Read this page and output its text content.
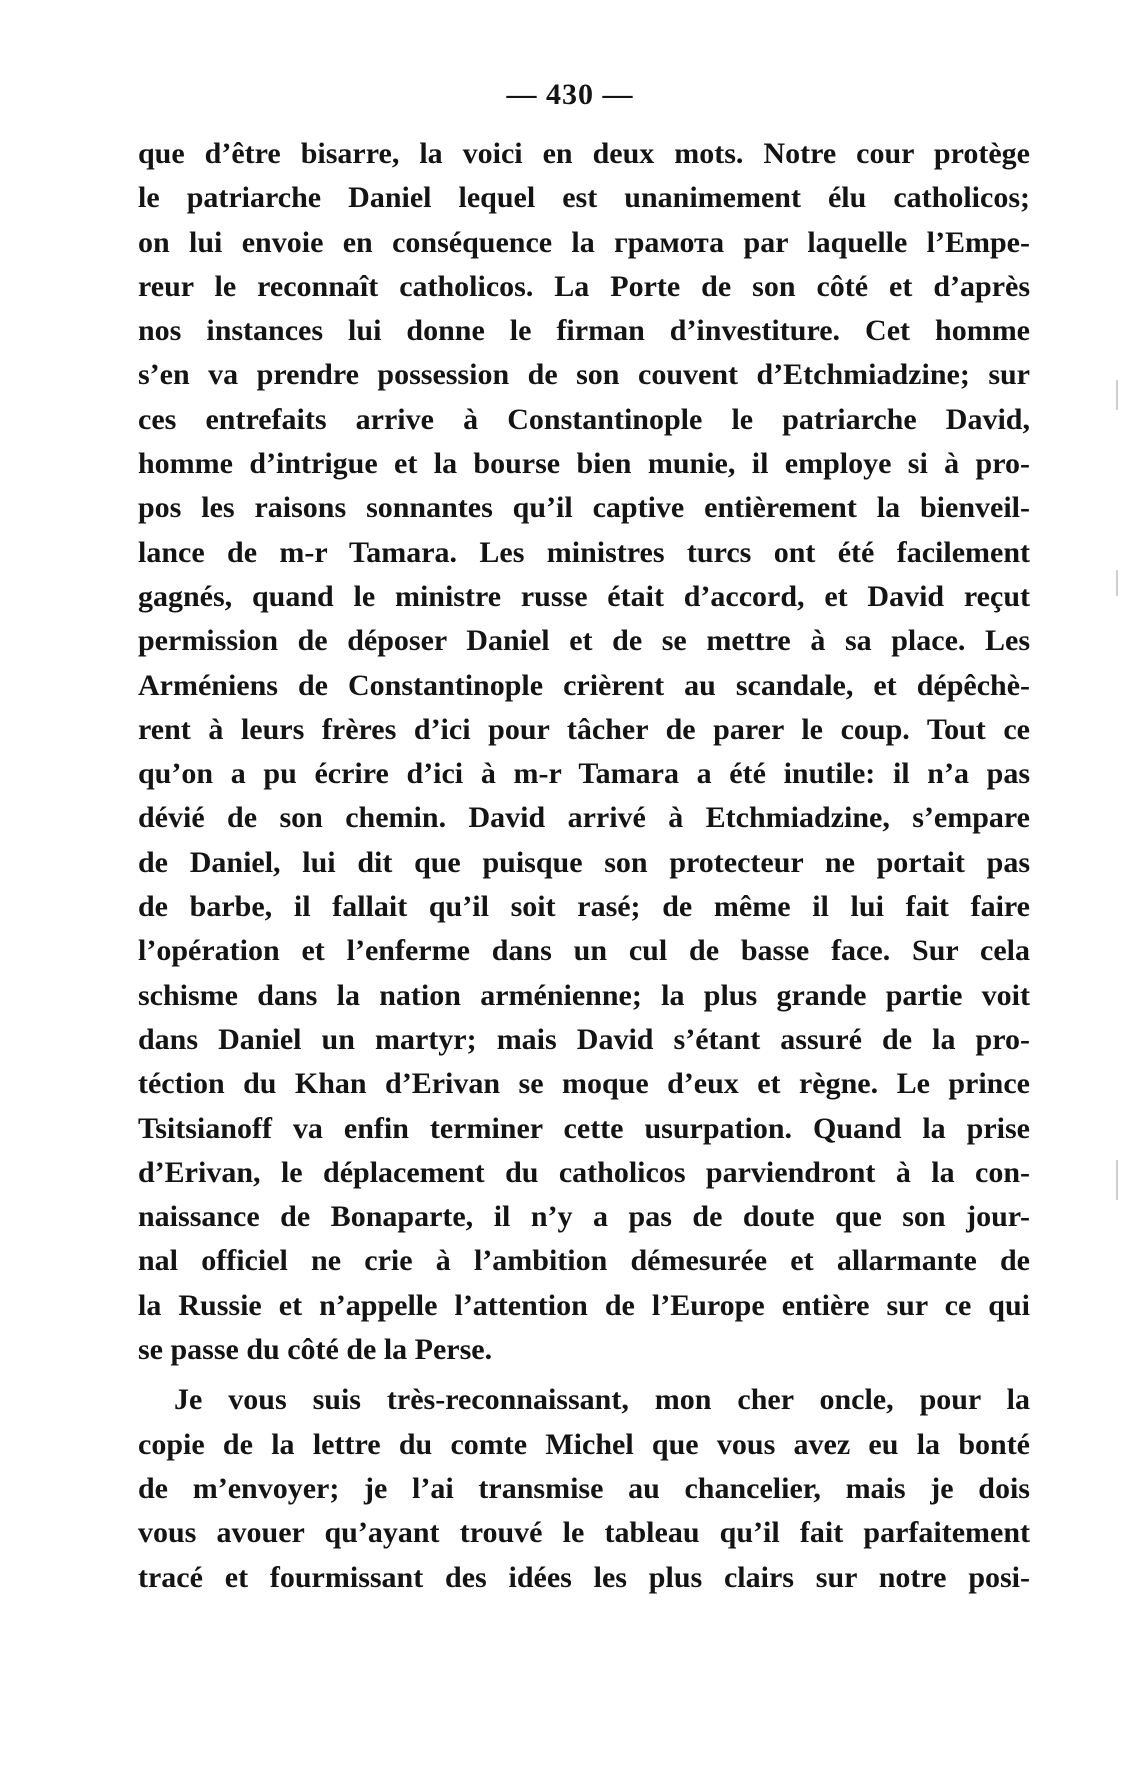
— 430 —
que d’être bisarre, la voici en deux mots. Notre cour protège
le patriarche Daniel lequel est unanimement élu catholicos;
on lui envoie en conséquence la грамота par laquelle l’Empe-
reur le reconnaît catholicos. La Porte de son côté et d’après
nos instances lui donne le firman d’investiture. Cet homme
s’en va prendre possession de son couvent d’Etchmiadzine; sur
ces entrefaits arrive à Constantinople le patriarche David,
homme d’intrigue et la bourse bien munie, il employe si à pro-
pos les raisons sonnantes qu’il captive entièrement la bienveil-
lance de m-r Tamara. Les ministres turcs ont été facilement
gagnés, quand le ministre russe était d’accord, et David reçut
permission de déposer Daniel et de se mettre à sa place. Les
Arméniens de Constantinople crièrent au scandale, et dépêchè-
rent à leurs frères d’ici pour tâcher de parer le coup. Tout ce
qu’on a pu écrire d’ici à m-r Tamara a été inutile: il n’a pas
dévié de son chemin. David arrivé à Etchmiadzine, s’empare
de Daniel, lui dit que puisque son protecteur ne portait pas
de barbe, il fallait qu’il soit rasé; de même il lui fait faire
l’opération et l’enferme dans un cul de basse face. Sur cela
schisme dans la nation arménienne; la plus grande partie voit
dans Daniel un martyr; mais David s’étant assuré de la pro-
téction du Khan d’Erivan se moque d’eux et règne. Le prince
Tsitsianoff va enfin terminer cette usurpation. Quand la prise
d’Erivan, le déplacement du catholicos parviendront à la con-
naissance de Bonaparte, il n’y a pas de doute que son jour-
nal officiel ne crie à l’ambition démesurée et allarmante de
la Russie et n’appelle l’attention de l’Europe entière sur ce qui
se passe du côté de la Perse.
Je vous suis très-reconnaissant, mon cher oncle, pour la
copie de la lettre du comte Michel que vous avez eu la bonté
de m’envoyer; je l’ai transmise au chancelier, mais je dois
vous avouer qu’ayant trouvé le tableau qu’il fait parfaitement
tracé et fourmissant des idées les plus clairs sur notre posi-
